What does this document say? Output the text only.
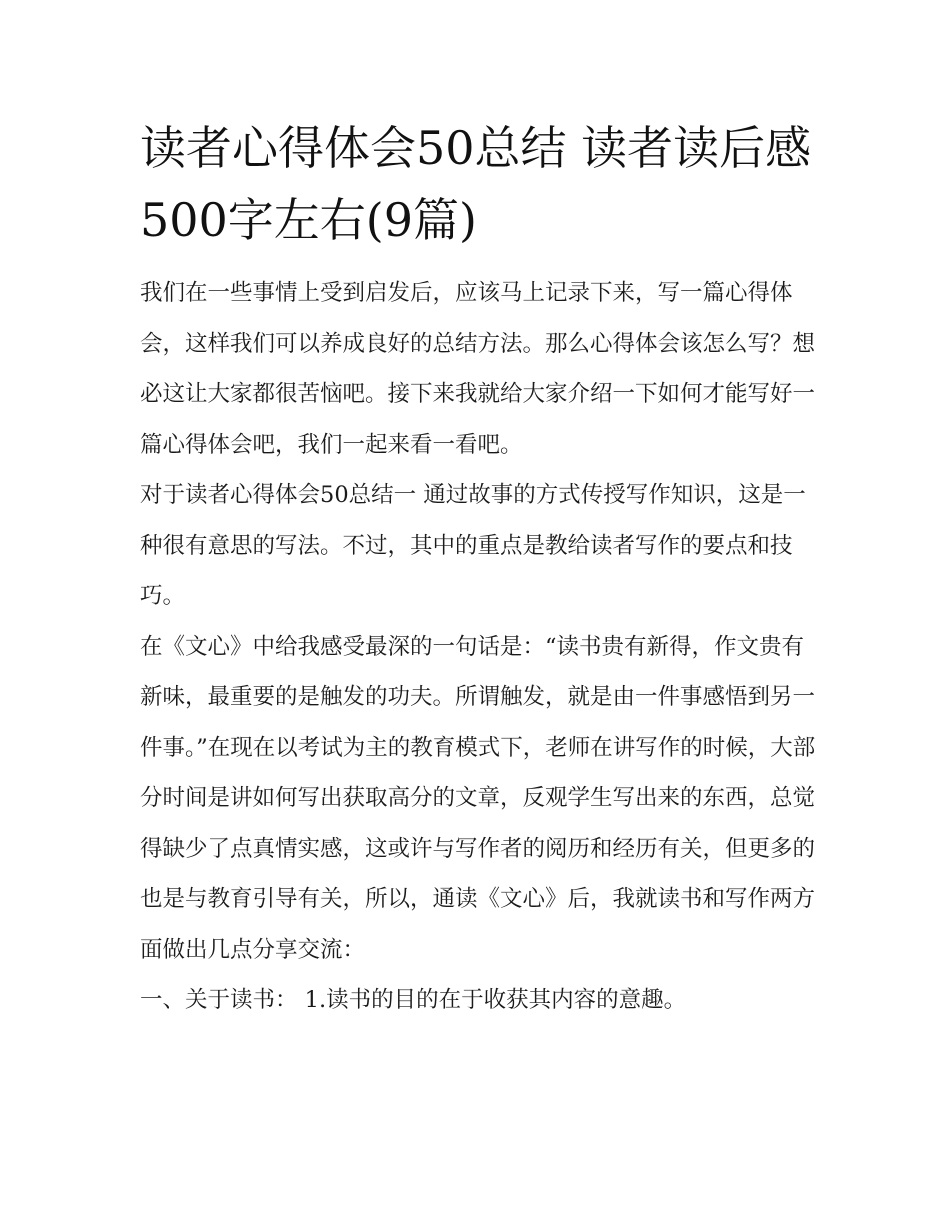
读者心得体会50总结 读者读后感500字左右(9篇)

我们在一些事情上受到启发后，应该马上记录下来，写一篇心得体会，这样我们可以养成良好的总结方法。那么心得体会该怎么写？想必这让大家都很苦恼吧。接下来我就给大家介绍一下如何才能写好一篇心得体会吧，我们一起来看一看吧。

对于读者心得体会50总结一 通过故事的方式传授写作知识，这是一种很有意思的写法。不过，其中的重点是教给读者写作的要点和技巧。

在《文心》中给我感受最深的一句话是：“读书贵有新得，作文贵有新味，最重要的是触发的功夫。所谓触发，就是由一件事感悟到另一件事。”在现在以考试为主的教育模式下，老师在讲写作的时候，大部分时间是讲如何写出获取高分的文章，反观学生写出来的东西，总觉得缺少了点真情实感，这或许与写作者的阅历和经历有关，但更多的也是与教育引导有关，所以，通读《文心》后，我就读书和写作两方面做出几点分享交流：

一、关于读书： 1.读书的目的在于收获其内容的意趣。
